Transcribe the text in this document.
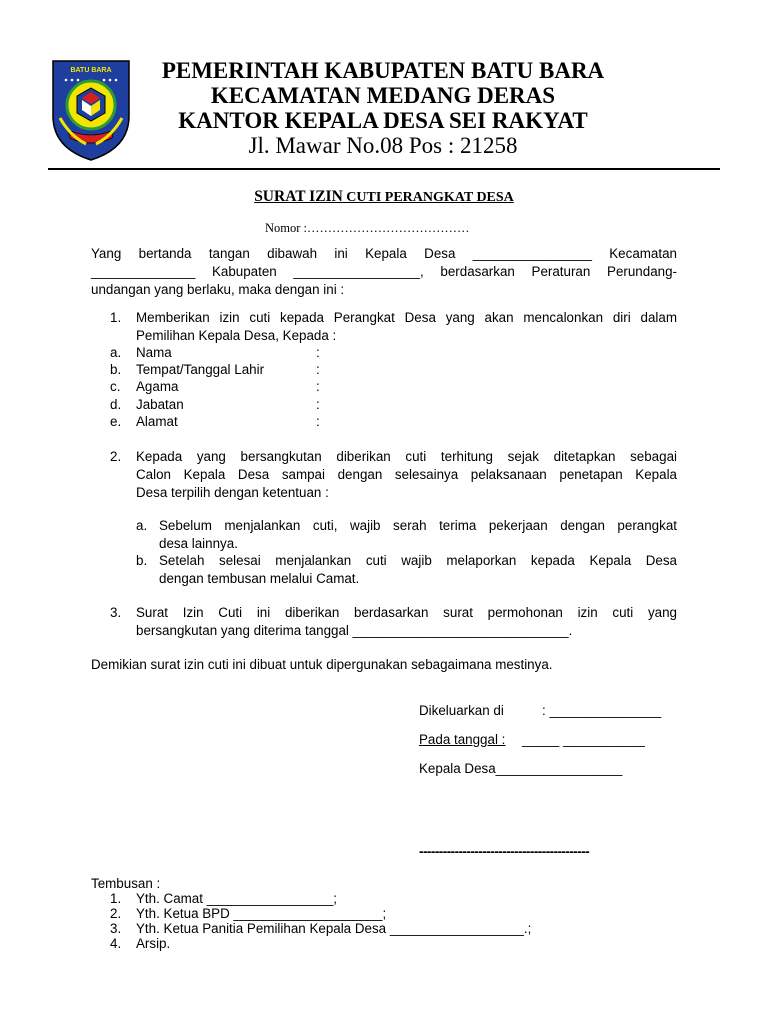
BATU BARA	PEMERINTAH KABUPATEN BATU BARA
KECAMATAN MEDANG DERAS
KANTOR KEPALA DESA SEI RAKYAT
Jl. Mawar No.08 Pos : 21258
SURAT IZIN CUTI PERANGKAT DESA
Nomor :…………………………………
Yang bertanda tangan dibawah ini Kepala Desa ________________ Kecamatan
______________ Kabupaten _________________, berdasarkan Peraturan Perundang-
undangan yang berlaku, maka dengan ini :
1. Memberikan izin cuti kepada Perangkat Desa yang akan mencalonkan diri dalam
Pemilihan Kepala Desa, Kepada :
a. Nama	:
b. Tempat/Tanggal Lahir	:
c. Agama	:
d. Jabatan	:
e. Alamat	:
2. Kepada yang bersangkutan diberikan cuti terhitung sejak ditetapkan sebagai
Calon Kepala Desa sampai dengan selesainya pelaksanaan penetapan Kepala
Desa terpilih dengan ketentuan :
a. Sebelum menjalankan cuti, wajib serah terima pekerjaan dengan perangkat
desa lainnya.
b. Setelah selesai menjalankan cuti wajib melaporkan kepada Kepala Desa
dengan tembusan melalui Camat.
3. Surat Izin Cuti ini diberikan berdasarkan surat permohonan izin cuti yang
bersangkutan yang diterima tanggal _____________________________.
Demikian surat izin cuti ini dibuat untuk dipergunakan sebagaimana mestinya.
Dikeluarkan di	: _______________
Pada tanggal : _____ ___________
Kepala Desa_________________
-------------------------------------------
Tembusan :
1. Yth. Camat _________________;
2. Yth. Ketua BPD ____________________;
3. Yth. Ketua Panitia Pemilihan Kepala Desa __________________.;
4. Arsip.
